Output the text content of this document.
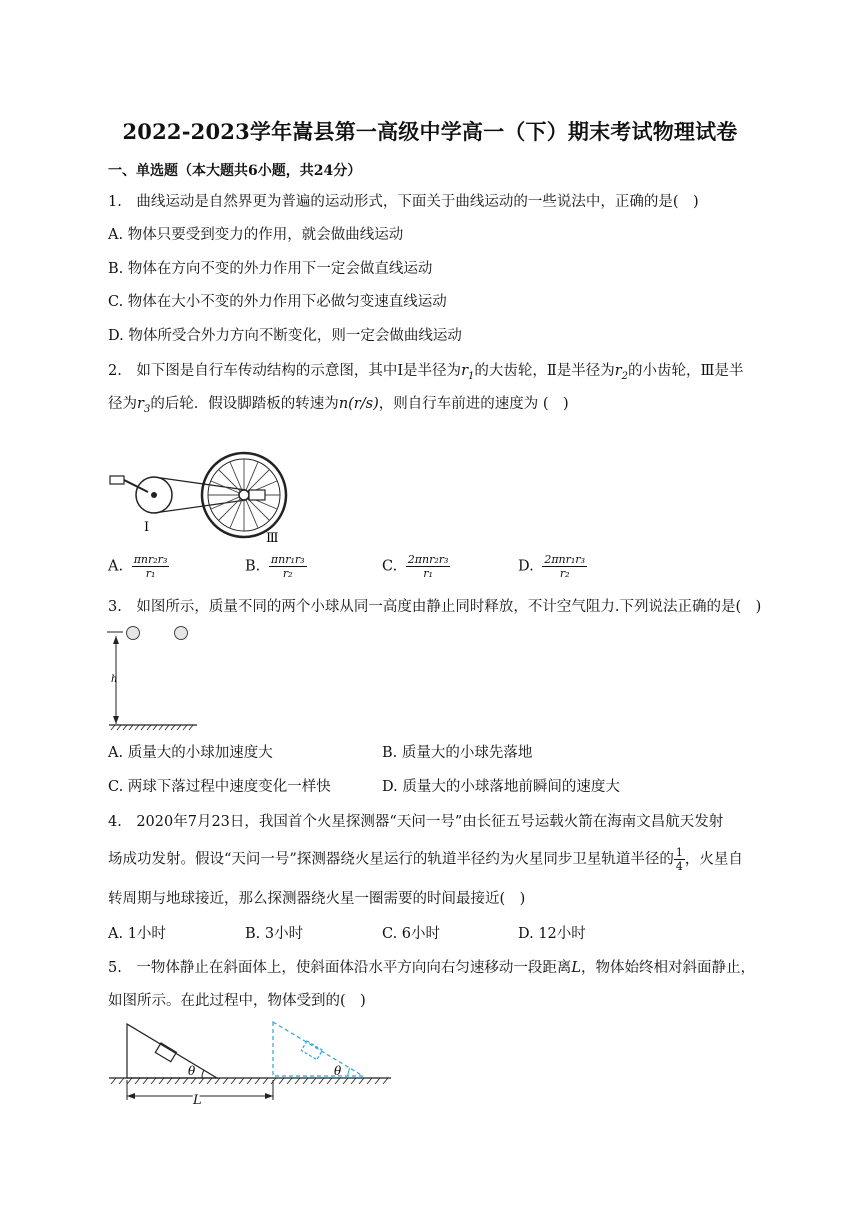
2022-2023学年嵩县第一高级中学高一（下）期末考试物理试卷
一、单选题（本大题共6小题，共24分）
1.　曲线运动是自然界更为普遍的运动形式，下面关于曲线运动的一些说法中，正确的是(　)
A. 物体只要受到变力的作用，就会做曲线运动
B. 物体在方向不变的外力作用下一定会做直线运动
C. 物体在大小不变的外力作用下必做匀变速直线运动
D. 物体所受合外力方向不断变化，则一定会做曲线运动
2.　如下图是自行车传动结构的示意图，其中Ⅰ是半径为$r_1$的大齿轮，Ⅱ是半径为$r_2$的小齿轮，Ⅲ是半
径为$r_3$的后轮．假设脚踏板的转速为n(r/s)，则自行车前进的速度为 (　)
Ⅰ
Ⅲ
A. $\frac{\text{πnr₂r₃}}{\text{r₁}}$	B. $\frac{\text{πnr₁r₃}}{\text{r₂}}$	C. $\frac{\text{2πnr₂r₃}}{\text{r₁}}$	D. $\frac{\text{2πnr₁r₃}}{\text{r₂}}$
3.　如图所示，质量不同的两个小球从同一高度由静止同时释放，不计空气阻力.下列说法正确的是(　)
h
A. 质量大的小球加速度大	B. 质量大的小球先落地
C. 两球下落过程中速度变化一样快	D. 质量大的小球落地前瞬间的速度大
4.　2020年7月23日，我国首个火星探测器“天问一号”由长征五号运载火箭在海南文昌航天发射
场成功发射。假设“天问一号”探测器绕火星运行的轨道半径约为火星同步卫星轨道半径的 $\frac{1}{4}$ ，火星自
转周期与地球接近，那么探测器绕火星一圈需要的时间最接近(　)
A. 1小时	B. 3小时	C. 6小时	D. 12小时
5.　一物体静止在斜面体上，使斜面体沿水平方向向右匀速移动一段距离L，物体始终相对斜面静止，
如图所示。在此过程中，物体受到的(　)
θ	θ
L
